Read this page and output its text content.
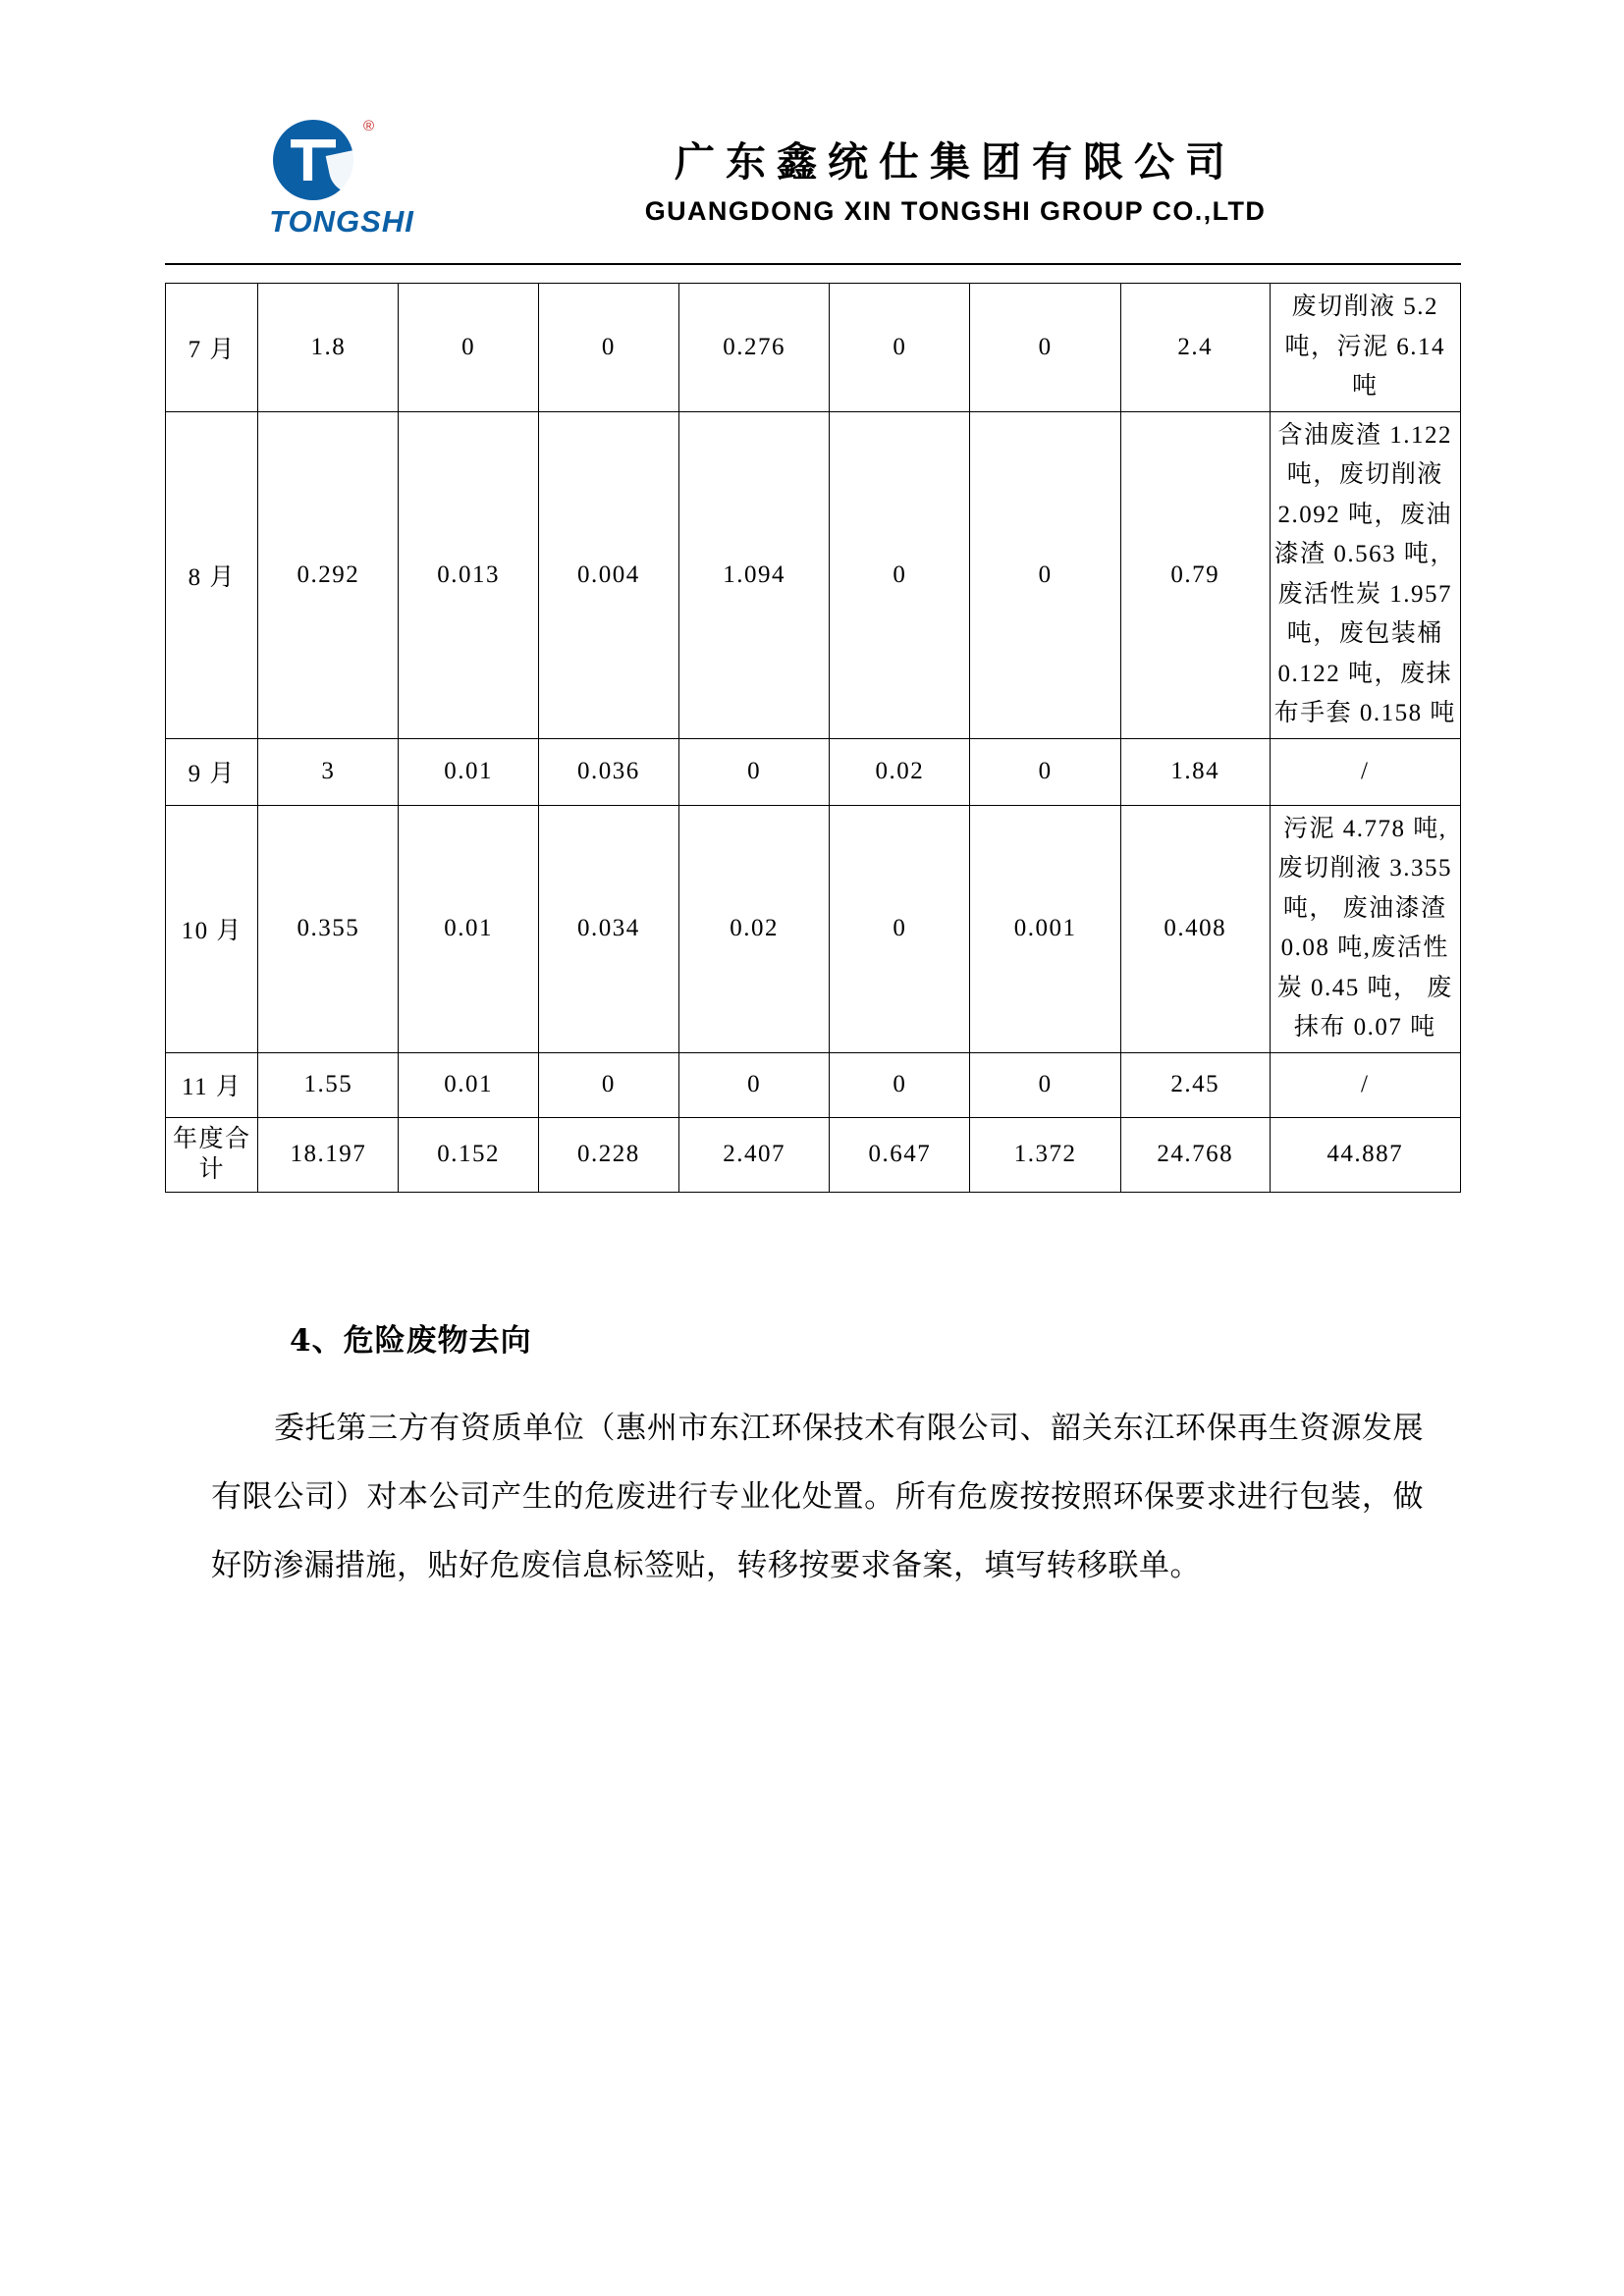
®
TONGSHI
广东鑫统仕集团有限公司
GUANGDONG XIN TONGSHI GROUP CO.,LTD
7 月	1.8	0	0	0.276	0	0	2.4	废切削液 5.2 吨，污泥 6.14 吨
8 月	0.292	0.013	0.004	1.094	0	0	0.79	含油废渣 1.122 吨，废切削液 2.092 吨，废油漆渣 0.563 吨，废活性炭 1.957 吨，废包装桶 0.122 吨，废抹布手套 0.158 吨
9 月	3	0.01	0.036	0	0.02	0	1.84	/
10 月	0.355	0.01	0.034	0.02	0	0.001	0.408	污泥 4.778 吨, 废切削液 3.355 吨， 废油漆渣 0.08 吨,废活性炭 0.45 吨， 废抹布 0.07 吨
11 月	1.55	0.01	0	0	0	0	2.45	/
年度合计	18.197	0.152	0.228	2.407	0.647	1.372	24.768	44.887
4、危险废物去向
委托第三方有资质单位（惠州市东江环保技术有限公司、韶关东江环保再生资源发展有限公司）对本公司产生的危废进行专业化处置。所有危废按按照环保要求进行包装，做好防渗漏措施，贴好危废信息标签贴，转移按要求备案，填写转移联单。
